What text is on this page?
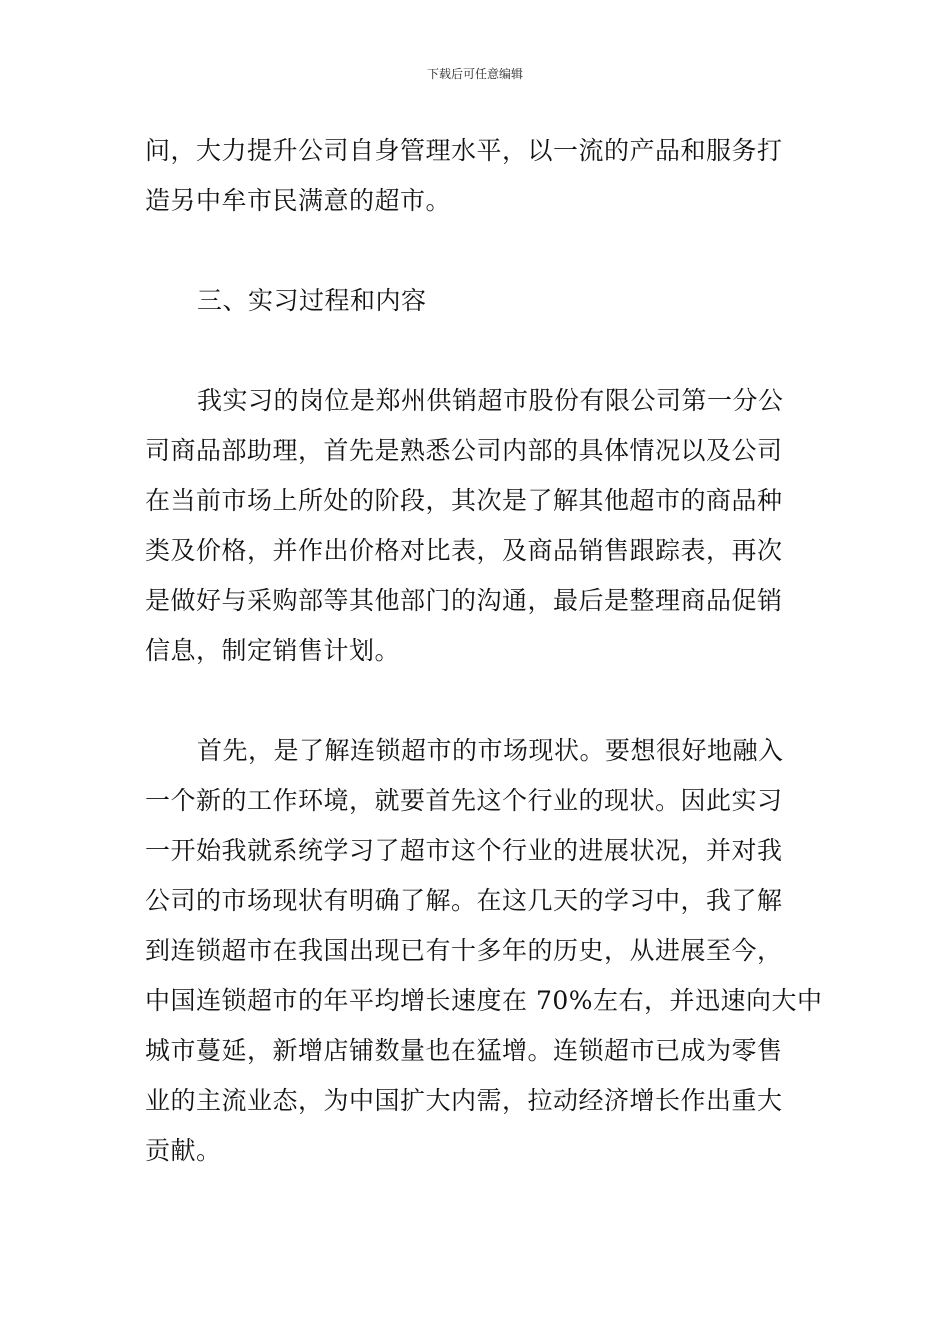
下载后可任意编辑
问，大力提升公司自身管理水平，以一流的产品和服务打
造另中牟市民满意的超市。
三、实习过程和内容
我实习的岗位是郑州供销超市股份有限公司第一分公
司商品部助理，首先是熟悉公司内部的具体情况以及公司
在当前市场上所处的阶段，其次是了解其他超市的商品种
类及价格，并作出价格对比表，及商品销售跟踪表，再次
是做好与采购部等其他部门的沟通，最后是整理商品促销
信息，制定销售计划。
首先，是了解连锁超市的市场现状。要想很好地融入
一个新的工作环境，就要首先这个行业的现状。因此实习
一开始我就系统学习了超市这个行业的进展状况，并对我
公司的市场现状有明确了解。在这几天的学习中，我了解
到连锁超市在我国出现已有十多年的历史，从进展至今，
中国连锁超市的年平均增长速度在 70%左右，并迅速向大中
城市蔓延，新增店铺数量也在猛增。连锁超市已成为零售
业的主流业态，为中国扩大内需，拉动经济增长作出重大
贡献。
